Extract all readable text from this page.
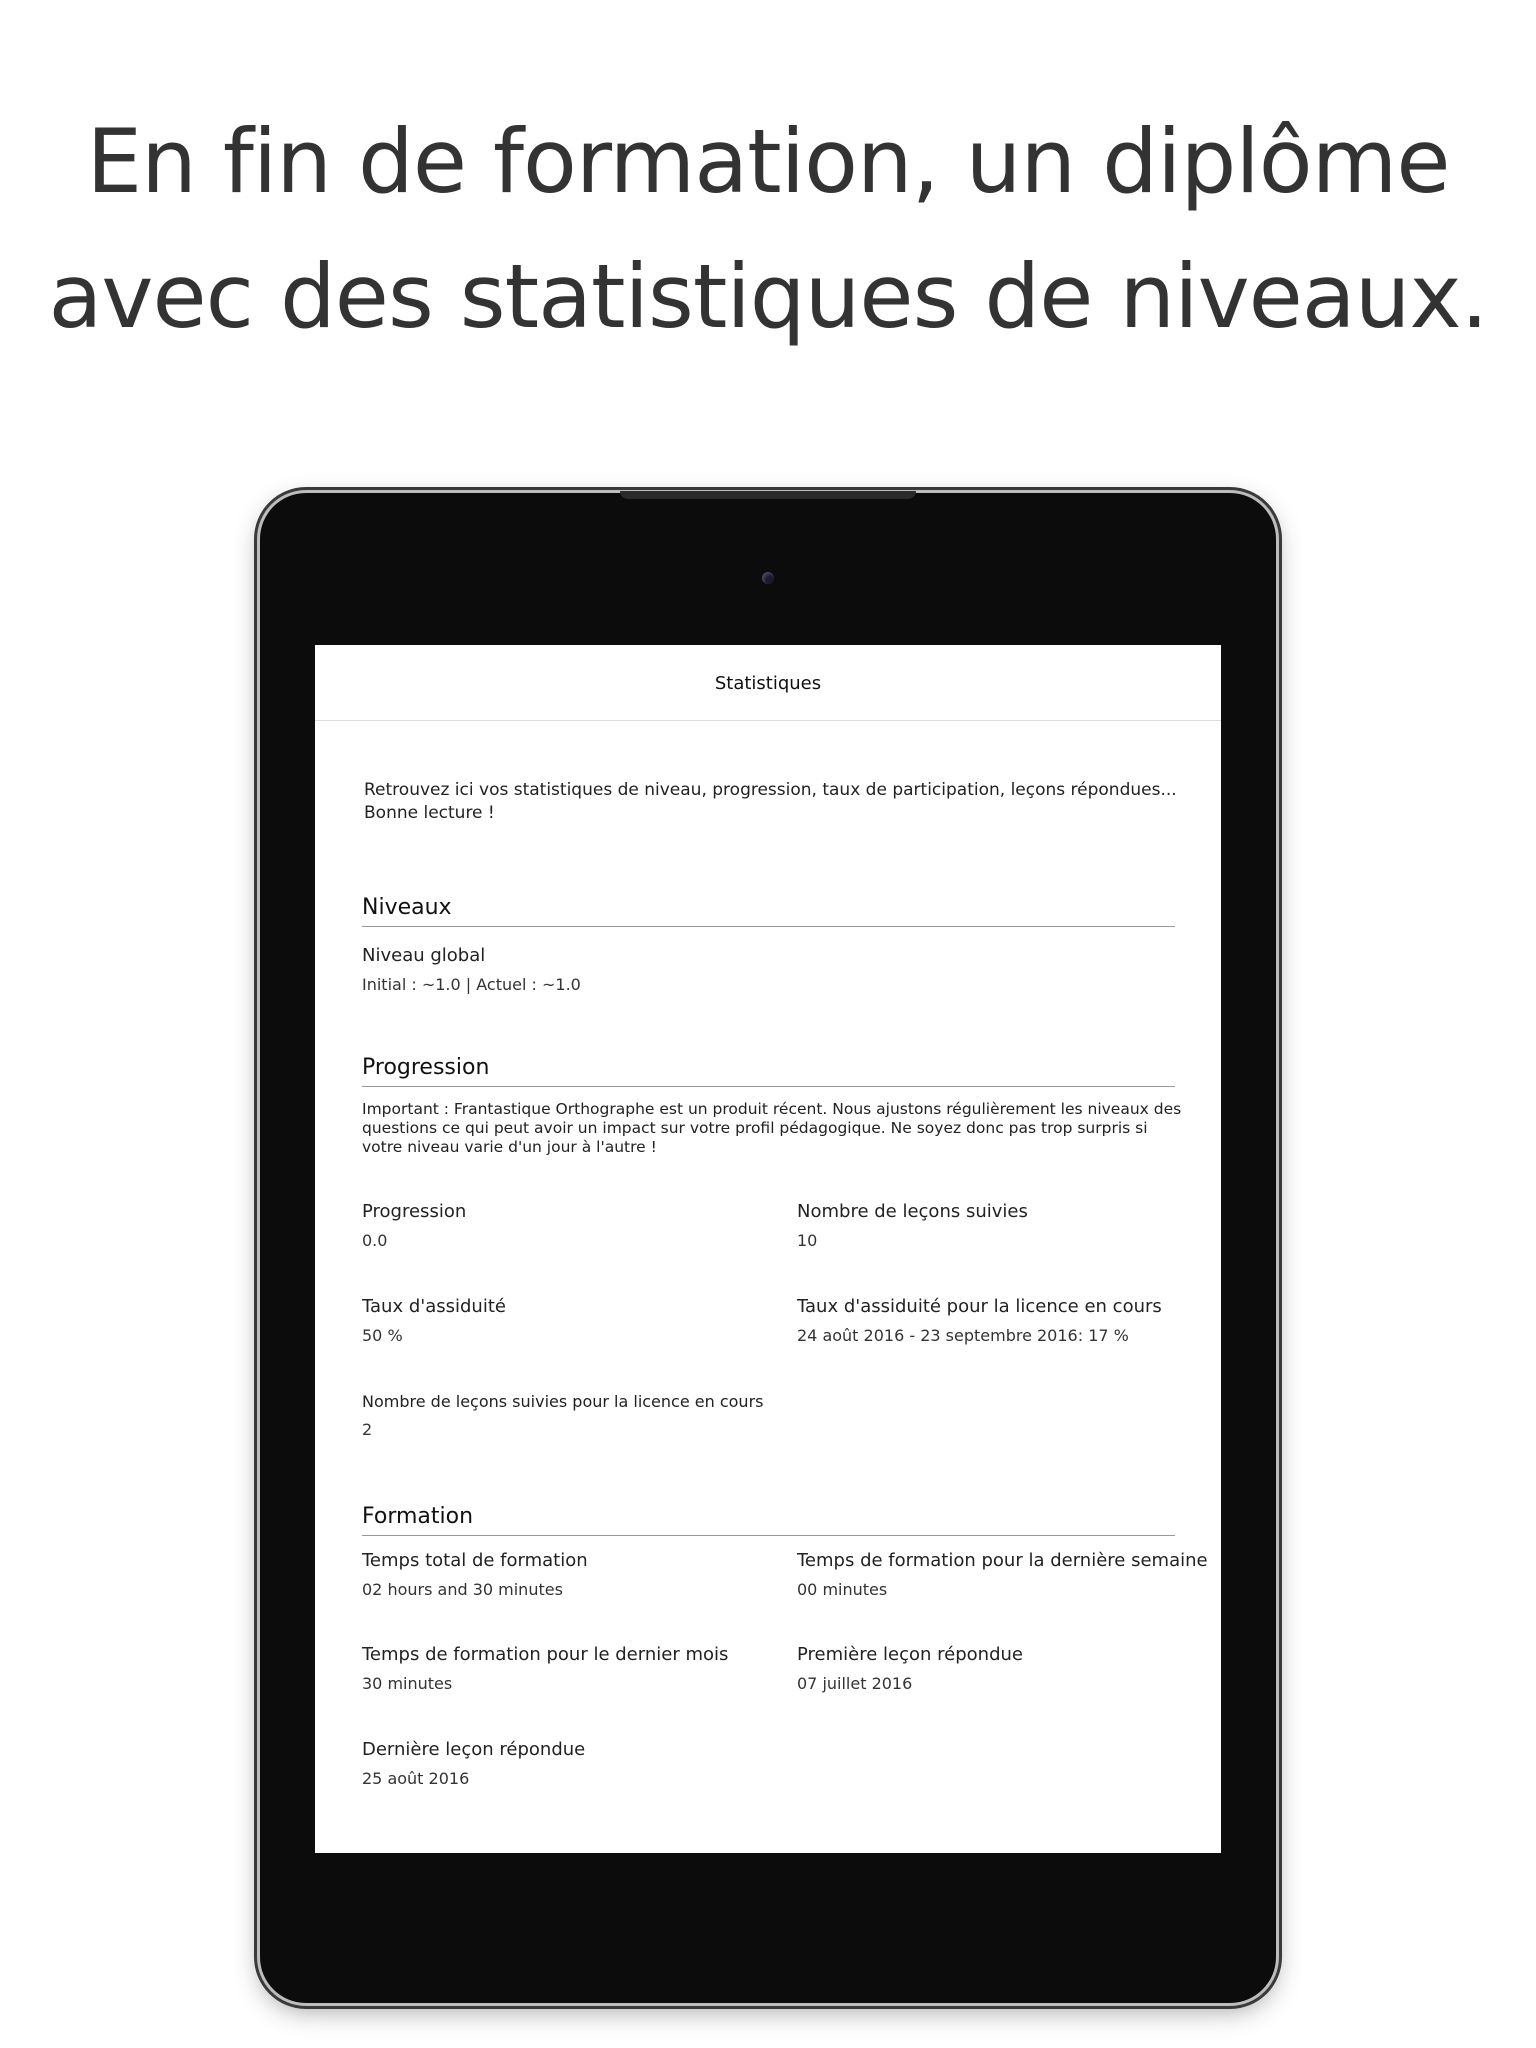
En fin de formation, un diplôme
avec des statistiques de niveaux.
Statistiques
Retrouvez ici vos statistiques de niveau, progression, taux de participation, leçons répondues...
Bonne lecture !
Niveaux
Niveau global
Initial : ~1.0 | Actuel : ~1.0
Progression
Important : Frantastique Orthographe est un produit récent. Nous ajustons régulièrement les niveaux des questions ce qui peut avoir un impact sur votre profil pédagogique. Ne soyez donc pas trop surpris si votre niveau varie d'un jour à l'autre !
Progression
0.0
Nombre de leçons suivies
10
Taux d'assiduité
50 %
Taux d'assiduité pour la licence en cours
24 août 2016 - 23 septembre 2016: 17 %
Nombre de leçons suivies pour la licence en cours
2
Formation
Temps total de formation
02 hours and 30 minutes
Temps de formation pour la dernière semaine
00 minutes
Temps de formation pour le dernier mois
30 minutes
Première leçon répondue
07 juillet 2016
Dernière leçon répondue
25 août 2016
